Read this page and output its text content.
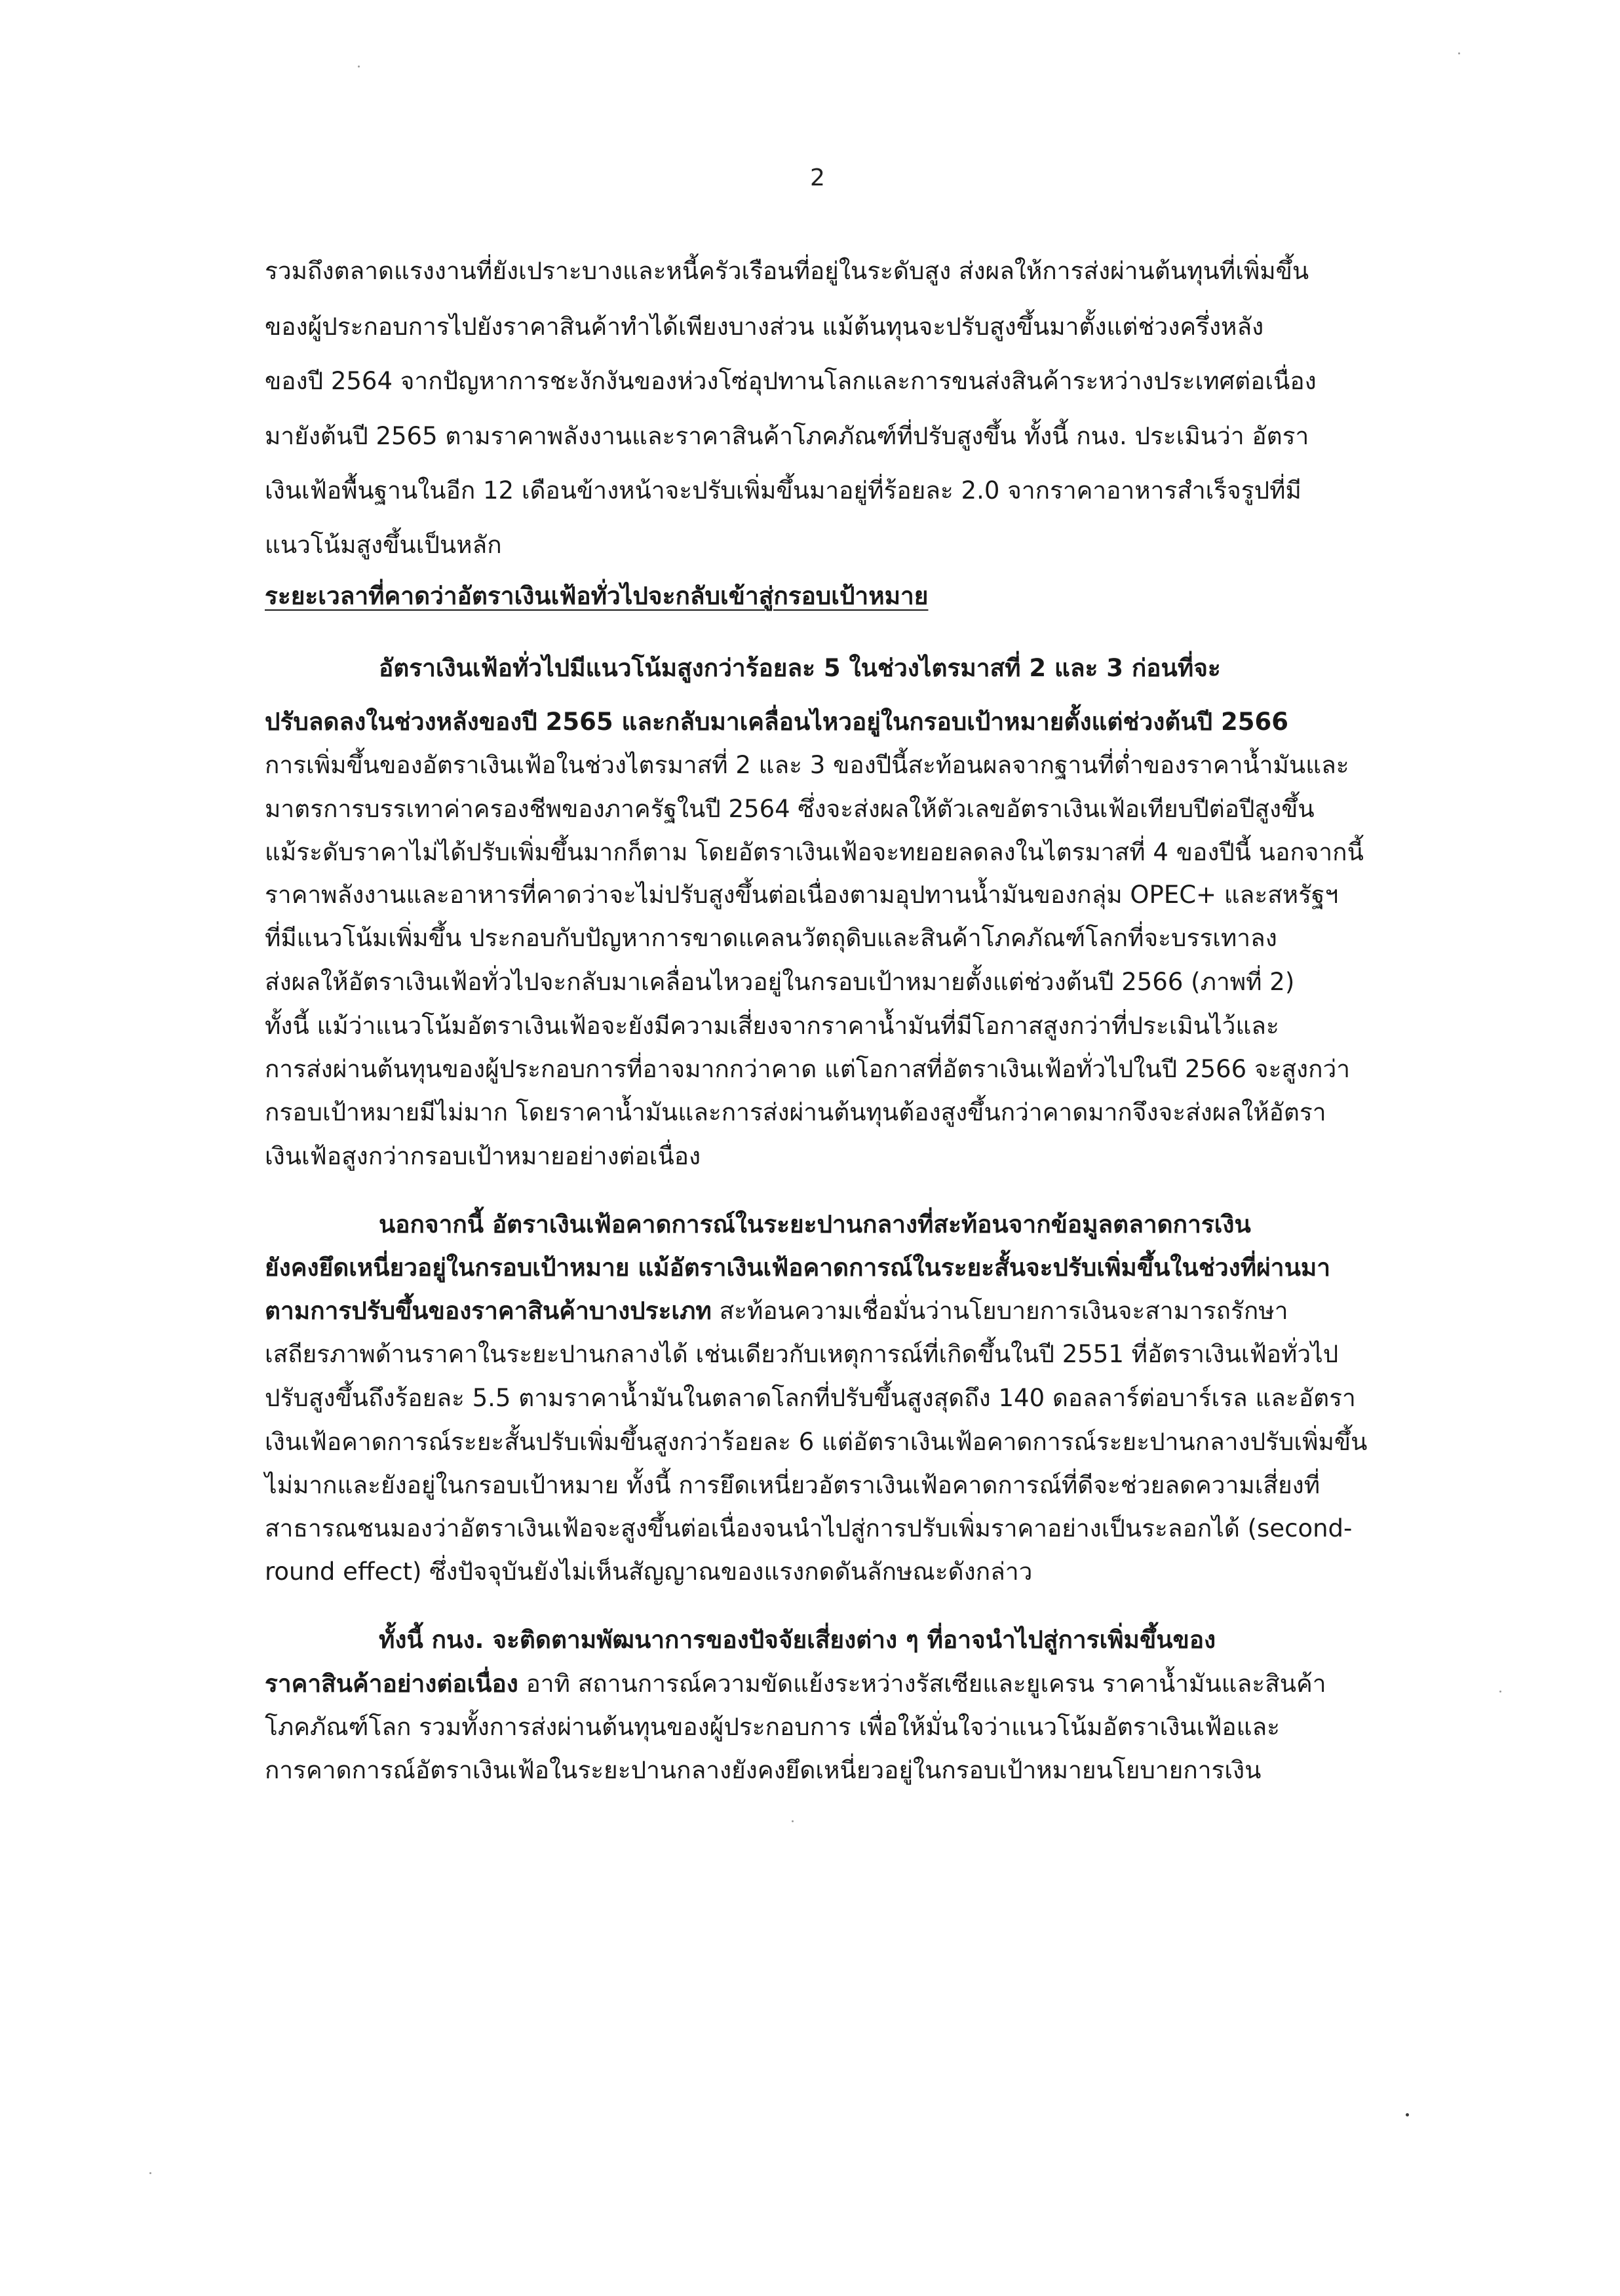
2
รวมถึงตลาดแรงงานที่ยังเปราะบางและหนี้ครัวเรือนที่อยู่ในระดับสูง ส่งผลให้การส่งผ่านต้นทุนที่เพิ่มขึ้น
ของผู้ประกอบการไปยังราคาสินค้าทำได้เพียงบางส่วน แม้ต้นทุนจะปรับสูงขึ้นมาตั้งแต่ช่วงครึ่งหลัง
ของปี 2564 จากปัญหาการชะงักงันของห่วงโซ่อุปทานโลกและการขนส่งสินค้าระหว่างประเทศต่อเนื่อง
มายังต้นปี 2565 ตามราคาพลังงานและราคาสินค้าโภคภัณฑ์ที่ปรับสูงขึ้น ทั้งนี้ กนง. ประเมินว่า อัตรา
เงินเฟ้อพื้นฐานในอีก 12 เดือนข้างหน้าจะปรับเพิ่มขึ้นมาอยู่ที่ร้อยละ 2.0 จากราคาอาหารสำเร็จรูปที่มี
แนวโน้มสูงขึ้นเป็นหลัก
ระยะเวลาที่คาดว่าอัตราเงินเฟ้อทั่วไปจะกลับเข้าสู่กรอบเป้าหมาย
อัตราเงินเฟ้อทั่วไปมีแนวโน้มสูงกว่าร้อยละ 5 ในช่วงไตรมาสที่ 2 และ 3 ก่อนที่จะ
ปรับลดลงในช่วงหลังของปี 2565 และกลับมาเคลื่อนไหวอยู่ในกรอบเป้าหมายตั้งแต่ช่วงต้นปี 2566
การเพิ่มขึ้นของอัตราเงินเฟ้อในช่วงไตรมาสที่ 2 และ 3 ของปีนี้สะท้อนผลจากฐานที่ต่ำของราคาน้ำมันและ
มาตรการบรรเทาค่าครองชีพของภาครัฐในปี 2564 ซึ่งจะส่งผลให้ตัวเลขอัตราเงินเฟ้อเทียบปีต่อปีสูงขึ้น
แม้ระดับราคาไม่ได้ปรับเพิ่มขึ้นมากก็ตาม โดยอัตราเงินเฟ้อจะทยอยลดลงในไตรมาสที่ 4 ของปีนี้ นอกจากนี้
ราคาพลังงานและอาหารที่คาดว่าจะไม่ปรับสูงขึ้นต่อเนื่องตามอุปทานน้ำมันของกลุ่ม OPEC+ และสหรัฐฯ
ที่มีแนวโน้มเพิ่มขึ้น ประกอบกับปัญหาการขาดแคลนวัตถุดิบและสินค้าโภคภัณฑ์โลกที่จะบรรเทาลง
ส่งผลให้อัตราเงินเฟ้อทั่วไปจะกลับมาเคลื่อนไหวอยู่ในกรอบเป้าหมายตั้งแต่ช่วงต้นปี 2566 (ภาพที่ 2)
ทั้งนี้ แม้ว่าแนวโน้มอัตราเงินเฟ้อจะยังมีความเสี่ยงจากราคาน้ำมันที่มีโอกาสสูงกว่าที่ประเมินไว้และ
การส่งผ่านต้นทุนของผู้ประกอบการที่อาจมากกว่าคาด แต่โอกาสที่อัตราเงินเฟ้อทั่วไปในปี 2566 จะสูงกว่า
กรอบเป้าหมายมีไม่มาก โดยราคาน้ำมันและการส่งผ่านต้นทุนต้องสูงขึ้นกว่าคาดมากจึงจะส่งผลให้อัตรา
เงินเฟ้อสูงกว่ากรอบเป้าหมายอย่างต่อเนื่อง
นอกจากนี้ อัตราเงินเฟ้อคาดการณ์ในระยะปานกลางที่สะท้อนจากข้อมูลตลาดการเงิน
ยังคงยึดเหนี่ยวอยู่ในกรอบเป้าหมาย แม้อัตราเงินเฟ้อคาดการณ์ในระยะสั้นจะปรับเพิ่มขึ้นในช่วงที่ผ่านมา
ตามการปรับขึ้นของราคาสินค้าบางประเภท สะท้อนความเชื่อมั่นว่านโยบายการเงินจะสามารถรักษา
เสถียรภาพด้านราคาในระยะปานกลางได้ เช่นเดียวกับเหตุการณ์ที่เกิดขึ้นในปี 2551 ที่อัตราเงินเฟ้อทั่วไป
ปรับสูงขึ้นถึงร้อยละ 5.5 ตามราคาน้ำมันในตลาดโลกที่ปรับขึ้นสูงสุดถึง 140 ดอลลาร์ต่อบาร์เรล และอัตรา
เงินเฟ้อคาดการณ์ระยะสั้นปรับเพิ่มขึ้นสูงกว่าร้อยละ 6 แต่อัตราเงินเฟ้อคาดการณ์ระยะปานกลางปรับเพิ่มขึ้น
ไม่มากและยังอยู่ในกรอบเป้าหมาย ทั้งนี้ การยึดเหนี่ยวอัตราเงินเฟ้อคาดการณ์ที่ดีจะช่วยลดความเสี่ยงที่
สาธารณชนมองว่าอัตราเงินเฟ้อจะสูงขึ้นต่อเนื่องจนนำไปสู่การปรับเพิ่มราคาอย่างเป็นระลอกได้ (second-
round effect) ซึ่งปัจจุบันยังไม่เห็นสัญญาณของแรงกดดันลักษณะดังกล่าว
ทั้งนี้ กนง. จะติดตามพัฒนาการของปัจจัยเสี่ยงต่าง ๆ ที่อาจนำไปสู่การเพิ่มขึ้นของ
ราคาสินค้าอย่างต่อเนื่อง อาทิ สถานการณ์ความขัดแย้งระหว่างรัสเซียและยูเครน ราคาน้ำมันและสินค้า
โภคภัณฑ์โลก รวมทั้งการส่งผ่านต้นทุนของผู้ประกอบการ เพื่อให้มั่นใจว่าแนวโน้มอัตราเงินเฟ้อและ
การคาดการณ์อัตราเงินเฟ้อในระยะปานกลางยังคงยึดเหนี่ยวอยู่ในกรอบเป้าหมายนโยบายการเงิน
